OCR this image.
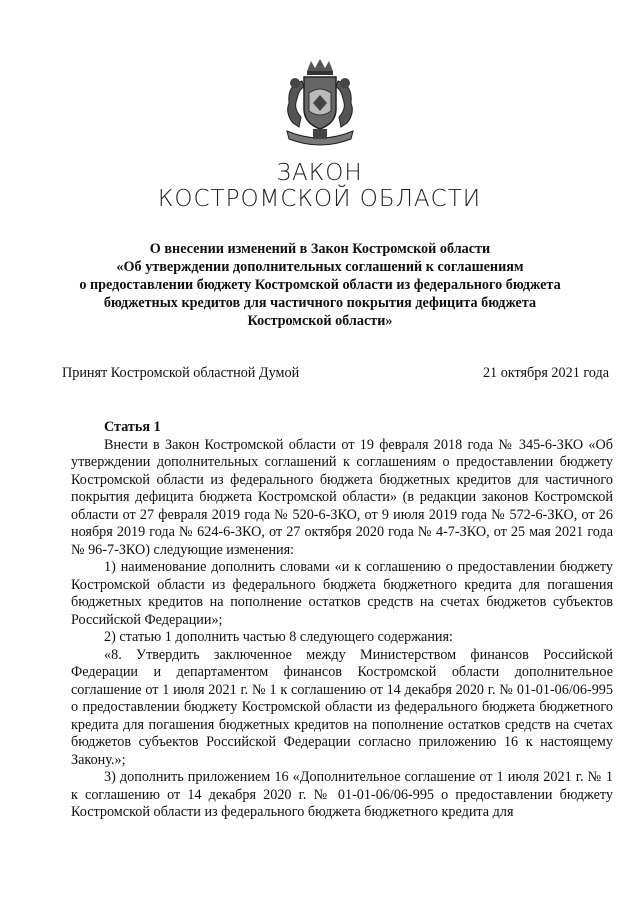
ЗАКОН
КОСТРОМСКОЙ ОБЛАСТИ
О внесении изменений в Закон Костромской области
«Об утверждении дополнительных соглашений к соглашениям
о предоставлении бюджету Костромской области из федерального бюджета
бюджетных кредитов для частичного покрытия дефицита бюджета
Костромской области»
Принят Костромской областной Думой	21 октября 2021 года

Статья 1

Внести в Закон Костромской области от 19 февраля 2018 года № 345-6-ЗКО «Об утверждении дополнительных соглашений к соглашениям о предоставлении бюджету Костромской области из федерального бюджета бюджетных кредитов для частичного покрытия дефицита бюджета Костромской области» (в редакции законов Костромской области от 27 февраля 2019 года № 520-6-ЗКО, от 9 июля 2019 года № 572-6-ЗКО, от 26 ноября 2019 года № 624-6-ЗКО, от 27 октября 2020 года № 4-7-ЗКО, от 25 мая 2021 года № 96-7-ЗКО) следующие изменения:

1) наименование дополнить словами «и к соглашению о предоставлении бюджету Костромской области из федерального бюджета бюджетного кредита для погашения бюджетных кредитов на пополнение остатков средств на счетах бюджетов субъектов Российской Федерации»;

2) статью 1 дополнить частью 8 следующего содержания:

«8. Утвердить заключенное между Министерством финансов Российской Федерации и департаментом финансов Костромской области дополнительное соглашение от 1 июля 2021 г. № 1 к соглашению от 14 декабря 2020 г. № 01-01-06/06-995 о предоставлении бюджету Костромской области из федерального бюджета бюджетного кредита для погашения бюджетных кредитов на пополнение остатков средств на счетах бюджетов субъектов Российской Федерации согласно приложению 16 к настоящему Закону.»;

3) дополнить приложением 16 «Дополнительное соглашение от 1 июля 2021 г. № 1 к соглашению от 14 декабря 2020 г. № 01-01-06/06-995 о предоставлении бюджету Костромской области из федерального бюджета бюджетного кредита для
